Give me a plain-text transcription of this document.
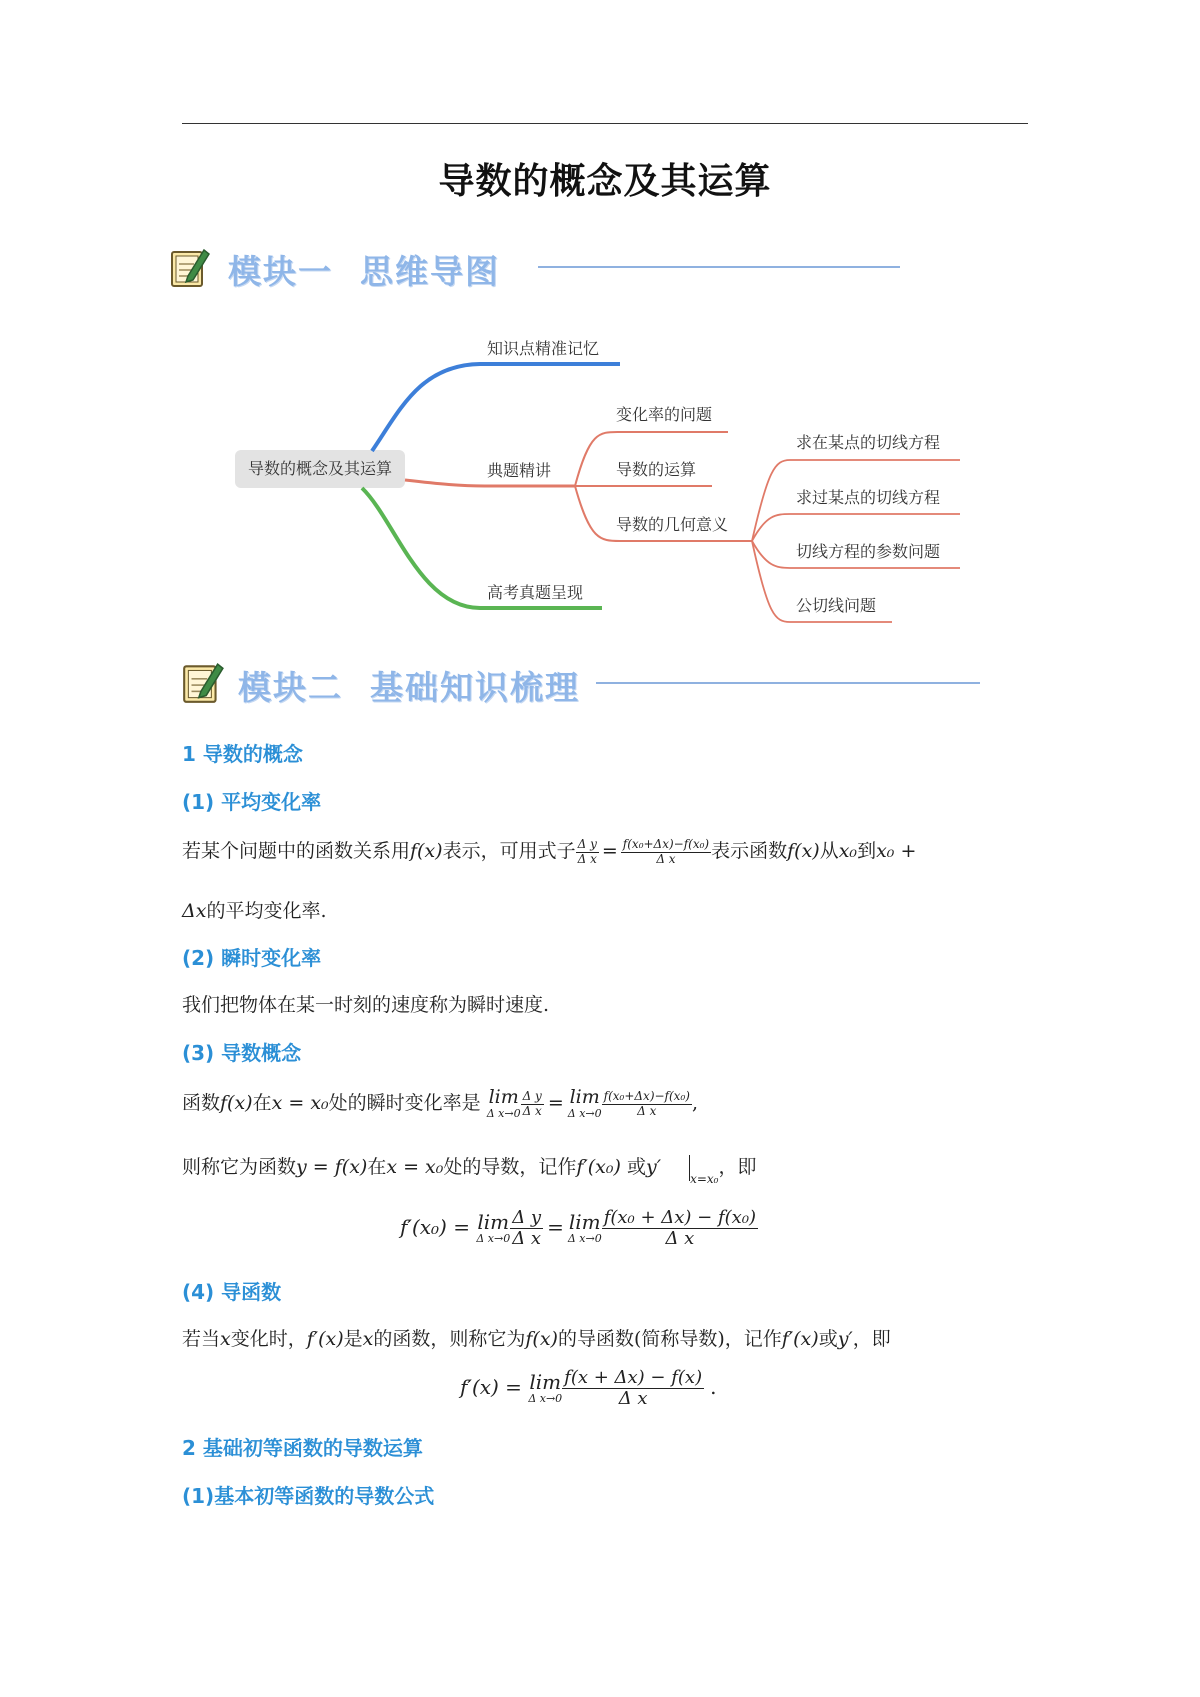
导数的概念及其运算
模块一  思维导图
导数的概念及其运算
知识点精准记忆
典题精讲
高考真题呈现
变化率的问题
导数的运算
导数的几何意义
求在某点的切线方程
求过某点的切线方程
切线方程的参数问题
公切线问题
模块二  基础知识梳理
1 导数的概念
(1) 平均变化率
若某个问题中的函数关系用f(x)表示，可用式子 $\frac{\text{Δ y}}{\text{Δ x}} = \frac{\text{f(x₀+Δx)−f(x₀)}}{\text{Δ x}}$ 表示函数f(x)从x₀到x₀ +
Δx的平均变化率.
(2) 瞬时变化率
我们把物体在某一时刻的速度称为瞬时速度.
(3) 导数概念
函数f(x)在x = x₀处的瞬时变化率是 lim
Δ $x\to 0 \frac{\text{Δ y}}{\text{Δ x}} = \lim$
Δ $x\to 0 \frac{\text{f(x₀+Δx)−f(x₀)}}{\text{Δ x}}$ ,
则称它为函数y = f(x)在x = x₀处的导数，记作f′(x₀) 或y′ $_{x=x_0}$，即
f′(x₀) = lim
Δ $x\to 0 \frac{\text{Δ y}}{\text{Δ x}} = \lim$
Δ $x\to 0 \frac{\text{f(x₀ + Δx) − f(x₀)}}{\text{Δ x}}$
(4) 导函数
若当x变化时，f′(x)是x的函数，则称它为f(x)的导函数(简称导数)，记作f′(x)或y′，即
f′(x) = lim
Δ $x\to 0 \frac{f(x + \Delta x) - f(x)}{\text{Δ x}}$ .
2 基础初等函数的导数运算
(1)基本初等函数的导数公式
